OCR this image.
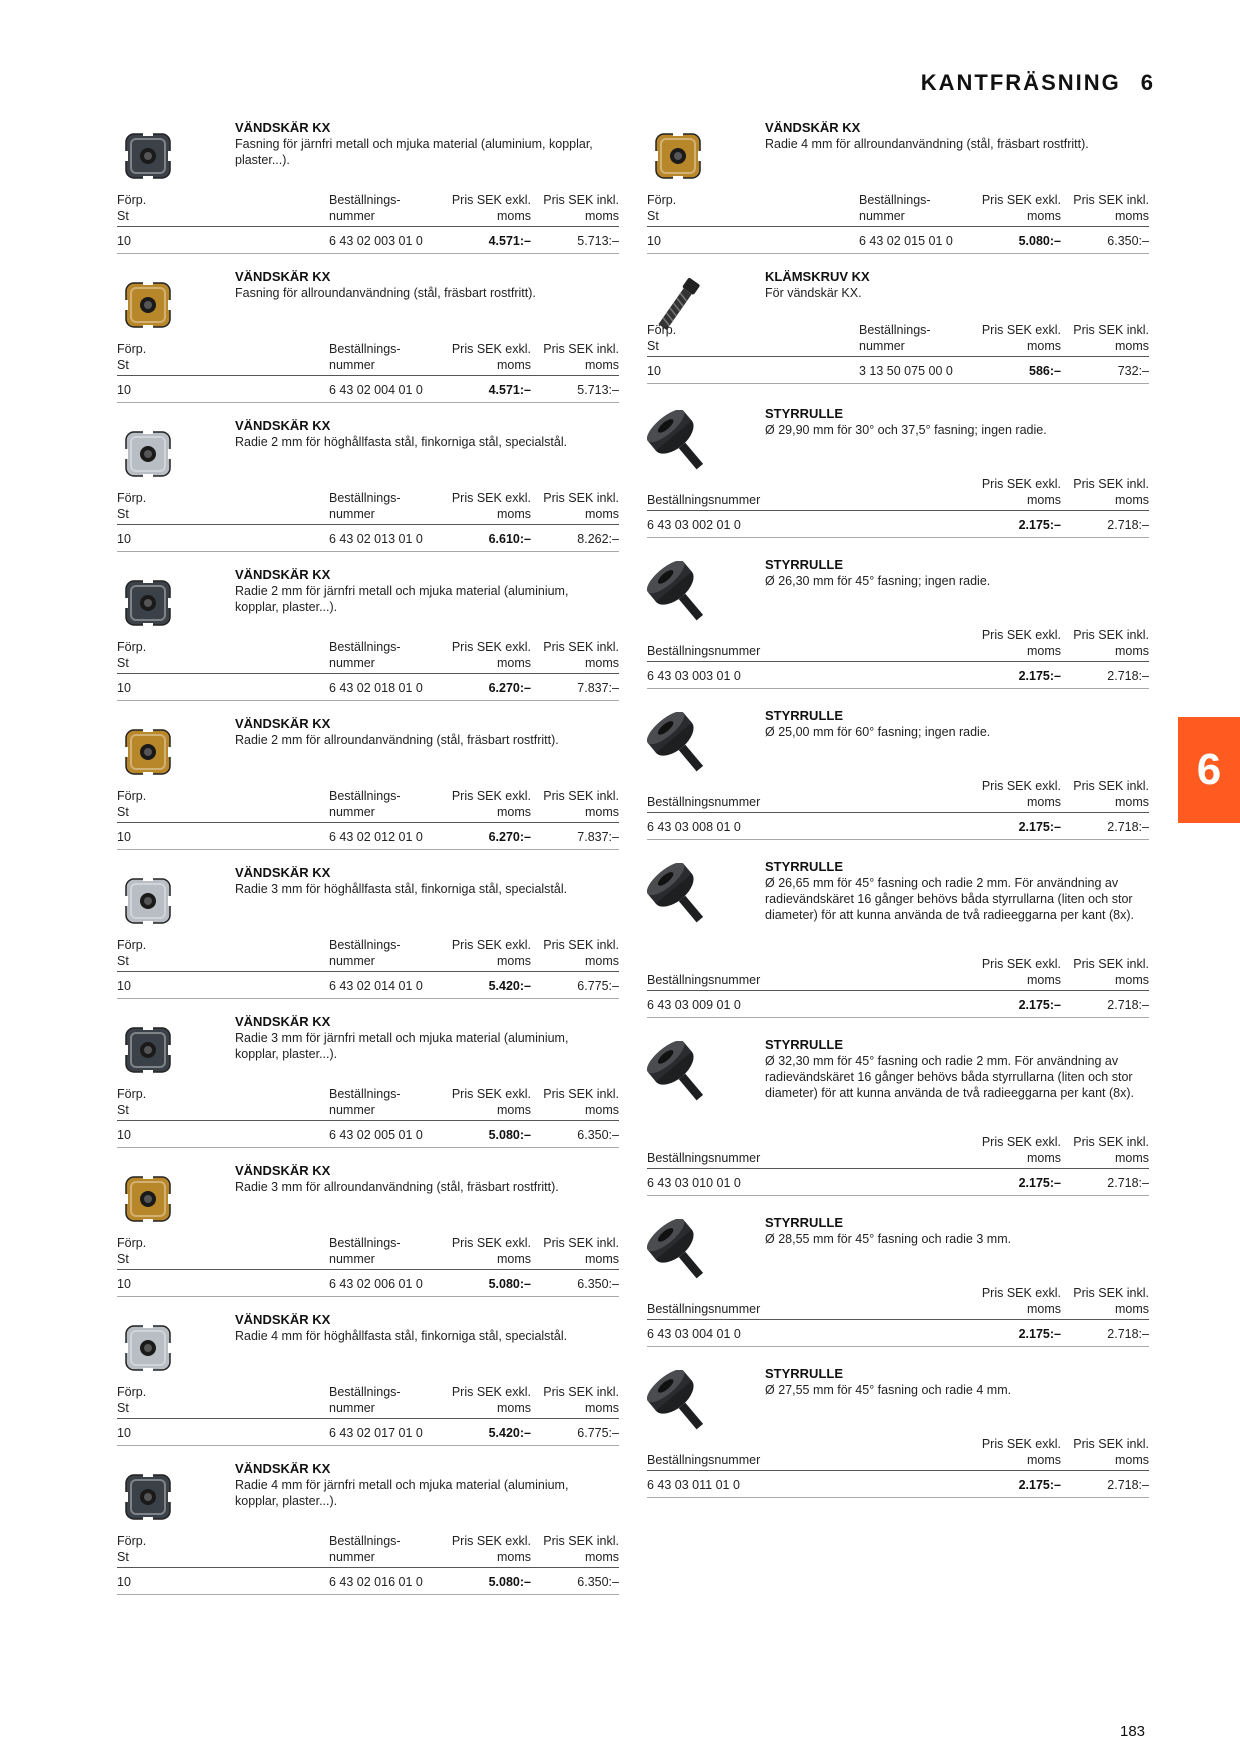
KANTFRÄSNING 6
6
VÄNDSKÄR KX
Fasning för järnfri metall och mjuka material (aluminium, kopplar, plaster...).
Förp.
St
Beställnings-
nummer
Pris SEK exkl.
moms
Pris SEK inkl.
moms
10	6 43 02 003 01 0	4.571:–	5.713:–
VÄNDSKÄR KX
Fasning för allroundanvändning (stål, fräsbart rostfritt).
Förp.
St
Beställnings-
nummer
Pris SEK exkl.
moms
Pris SEK inkl.
moms
10	6 43 02 004 01 0	4.571:–	5.713:–
VÄNDSKÄR KX
Radie 2 mm för höghållfasta stål, finkorniga stål, specialstål.
Förp.
St
Beställnings-
nummer
Pris SEK exkl.
moms
Pris SEK inkl.
moms
10	6 43 02 013 01 0	6.610:–	8.262:–
VÄNDSKÄR KX
Radie 2 mm för järnfri metall och mjuka material (aluminium, kopplar, plaster...).
Förp.
St
Beställnings-
nummer
Pris SEK exkl.
moms
Pris SEK inkl.
moms
10	6 43 02 018 01 0	6.270:–	7.837:–
VÄNDSKÄR KX
Radie 2 mm för allroundanvändning (stål, fräsbart rostfritt).
Förp.
St
Beställnings-
nummer
Pris SEK exkl.
moms
Pris SEK inkl.
moms
10	6 43 02 012 01 0	6.270:–	7.837:–
VÄNDSKÄR KX
Radie 3 mm för höghållfasta stål, finkorniga stål, specialstål.
Förp.
St
Beställnings-
nummer
Pris SEK exkl.
moms
Pris SEK inkl.
moms
10	6 43 02 014 01 0	5.420:–	6.775:–
VÄNDSKÄR KX
Radie 3 mm för järnfri metall och mjuka material (aluminium, kopplar, plaster...).
Förp.
St
Beställnings-
nummer
Pris SEK exkl.
moms
Pris SEK inkl.
moms
10	6 43 02 005 01 0	5.080:–	6.350:–
VÄNDSKÄR KX
Radie 3 mm för allroundanvändning (stål, fräsbart rostfritt).
Förp.
St
Beställnings-
nummer
Pris SEK exkl.
moms
Pris SEK inkl.
moms
10	6 43 02 006 01 0	5.080:–	6.350:–
VÄNDSKÄR KX
Radie 4 mm för höghållfasta stål, finkorniga stål, specialstål.
Förp.
St
Beställnings-
nummer
Pris SEK exkl.
moms
Pris SEK inkl.
moms
10	6 43 02 017 01 0	5.420:–	6.775:–
VÄNDSKÄR KX
Radie 4 mm för järnfri metall och mjuka material (aluminium, kopplar, plaster...).
Förp.
St
Beställnings-
nummer
Pris SEK exkl.
moms
Pris SEK inkl.
moms
10	6 43 02 016 01 0	5.080:–	6.350:–
VÄNDSKÄR KX
Radie 4 mm för allroundanvändning (stål, fräsbart rostfritt).
Förp.
St
Beställnings-
nummer
Pris SEK exkl.
moms
Pris SEK inkl.
moms
10	6 43 02 015 01 0	5.080:–	6.350:–
KLÄMSKRUV KX
För vändskär KX.
Förp.
St
Beställnings-
nummer
Pris SEK exkl.
moms
Pris SEK inkl.
moms
10	3 13 50 075 00 0	586:–	732:–
STYRRULLE
Ø 29,90 mm för 30° och 37,5° fasning; ingen radie.
Beställningsnummer
Pris SEK exkl.
moms
Pris SEK inkl.
moms
6 43 03 002 01 0	2.175:–	2.718:–
STYRRULLE
Ø 26,30 mm för 45° fasning; ingen radie.
Beställningsnummer
Pris SEK exkl.
moms
Pris SEK inkl.
moms
6 43 03 003 01 0	2.175:–	2.718:–
STYRRULLE
Ø 25,00 mm för 60° fasning; ingen radie.
Beställningsnummer
Pris SEK exkl.
moms
Pris SEK inkl.
moms
6 43 03 008 01 0	2.175:–	2.718:–
STYRRULLE
Ø 26,65 mm för 45° fasning och radie 2 mm. För användning av radievändskäret 16 gånger behövs båda styrrullarna (liten och stor diameter) för att kunna använda de två radieeggarna per kant (8x).
Beställningsnummer
Pris SEK exkl.
moms
Pris SEK inkl.
moms
6 43 03 009 01 0	2.175:–	2.718:–
STYRRULLE
Ø 32,30 mm för 45° fasning och radie 2 mm. För användning av radievändskäret 16 gånger behövs båda styrrullarna (liten och stor diameter) för att kunna använda de två radieeggarna per kant (8x).
Beställningsnummer
Pris SEK exkl.
moms
Pris SEK inkl.
moms
6 43 03 010 01 0	2.175:–	2.718:–
STYRRULLE
Ø 28,55 mm för 45° fasning och radie 3 mm.
Beställningsnummer
Pris SEK exkl.
moms
Pris SEK inkl.
moms
6 43 03 004 01 0	2.175:–	2.718:–
STYRRULLE
Ø 27,55 mm för 45° fasning och radie 4 mm.
Beställningsnummer
Pris SEK exkl.
moms
Pris SEK inkl.
moms
6 43 03 011 01 0	2.175:–	2.718:–
183
